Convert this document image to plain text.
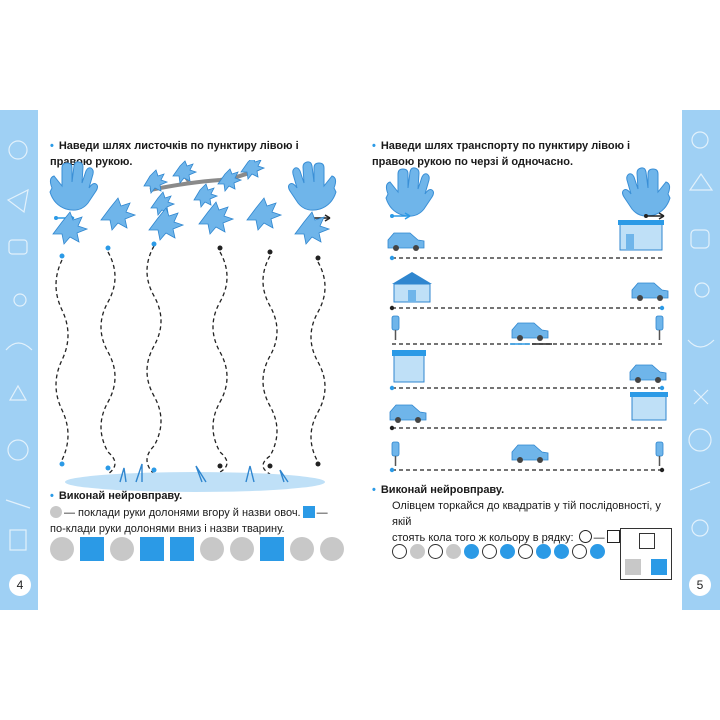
4	5
• Наведи шлях листочків по пунктиру лівою і правою рукою.
• Виконай нейровправу.
— поклади руки долонями вгору й назви овоч. — по-клади руки долонями вниз і назви тварину.
• Наведи шлях транспорту по пунктиру лівою і правою рукою по черзі й одночасно.
• Виконай нейровправу.
Олівцем торкайся до квадратів у тій послідовності, у якій
стоять кола того ж кольору в рядку: —
